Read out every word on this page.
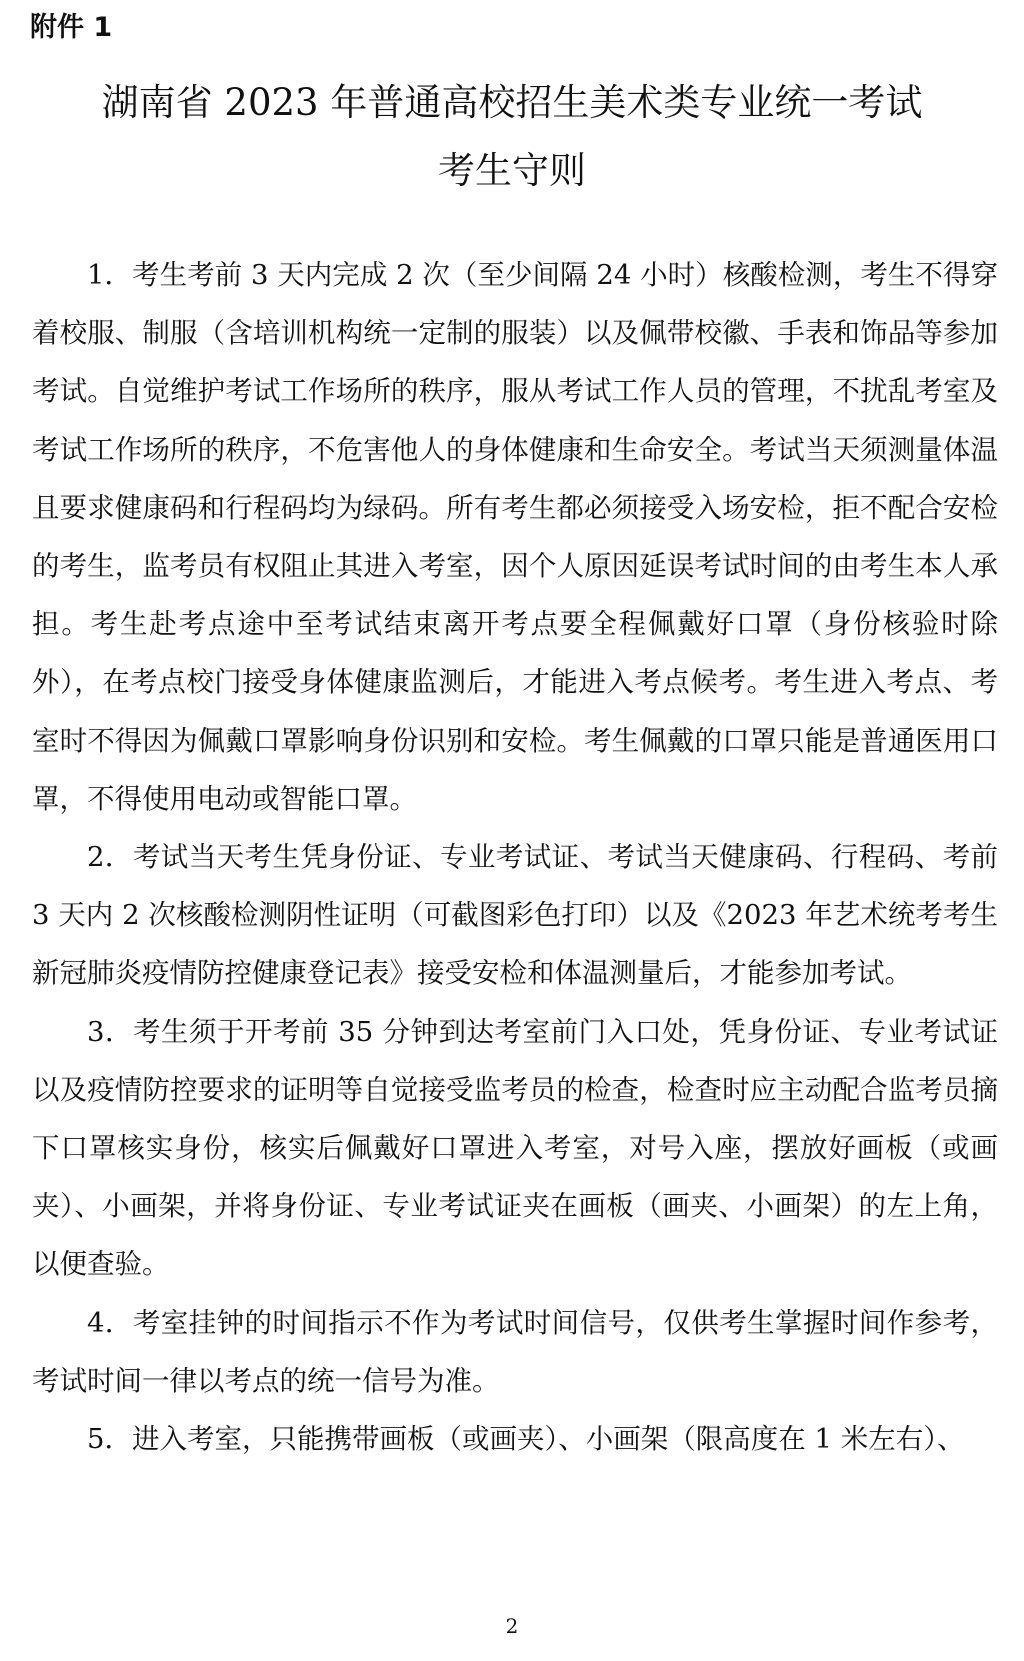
附件 1
湖南省 2023 年普通高校招生美术类专业统一考试
考生守则

1．考生考前 3 天内完成 2 次（至少间隔 24 小时）核酸检测，考生不得穿着校服、制服（含培训机构统一定制的服装）以及佩带校徽、手表和饰品等参加考试。自觉维护考试工作场所的秩序，服从考试工作人员的管理，不扰乱考室及考试工作场所的秩序，不危害他人的身体健康和生命安全。考试当天须测量体温且要求健康码和行程码均为绿码。所有考生都必须接受入场安检，拒不配合安检的考生，监考员有权阻止其进入考室，因个人原因延误考试时间的由考生本人承担。考生赴考点途中至考试结束离开考点要全程佩戴好口罩（身份核验时除外），在考点校门接受身体健康监测后，才能进入考点候考。考生进入考点、考室时不得因为佩戴口罩影响身份识别和安检。考生佩戴的口罩只能是普通医用口罩，不得使用电动或智能口罩。

2．考试当天考生凭身份证、专业考试证、考试当天健康码、行程码、考前 3 天内 2 次核酸检测阴性证明（可截图彩色打印）以及《2023 年艺术统考考生新冠肺炎疫情防控健康登记表》接受安检和体温测量后，才能参加考试。

3．考生须于开考前 35 分钟到达考室前门入口处，凭身份证、专业考试证以及疫情防控要求的证明等自觉接受监考员的检查，检查时应主动配合监考员摘下口罩核实身份，核实后佩戴好口罩进入考室，对号入座，摆放好画板（或画夹）、小画架，并将身份证、专业考试证夹在画板（画夹、小画架）的左上角，以便查验。

4．考室挂钟的时间指示不作为考试时间信号，仅供考生掌握时间作参考，考试时间一律以考点的统一信号为准。

5．进入考室，只能携带画板（或画夹）、小画架（限高度在 1 米左右）、

2
